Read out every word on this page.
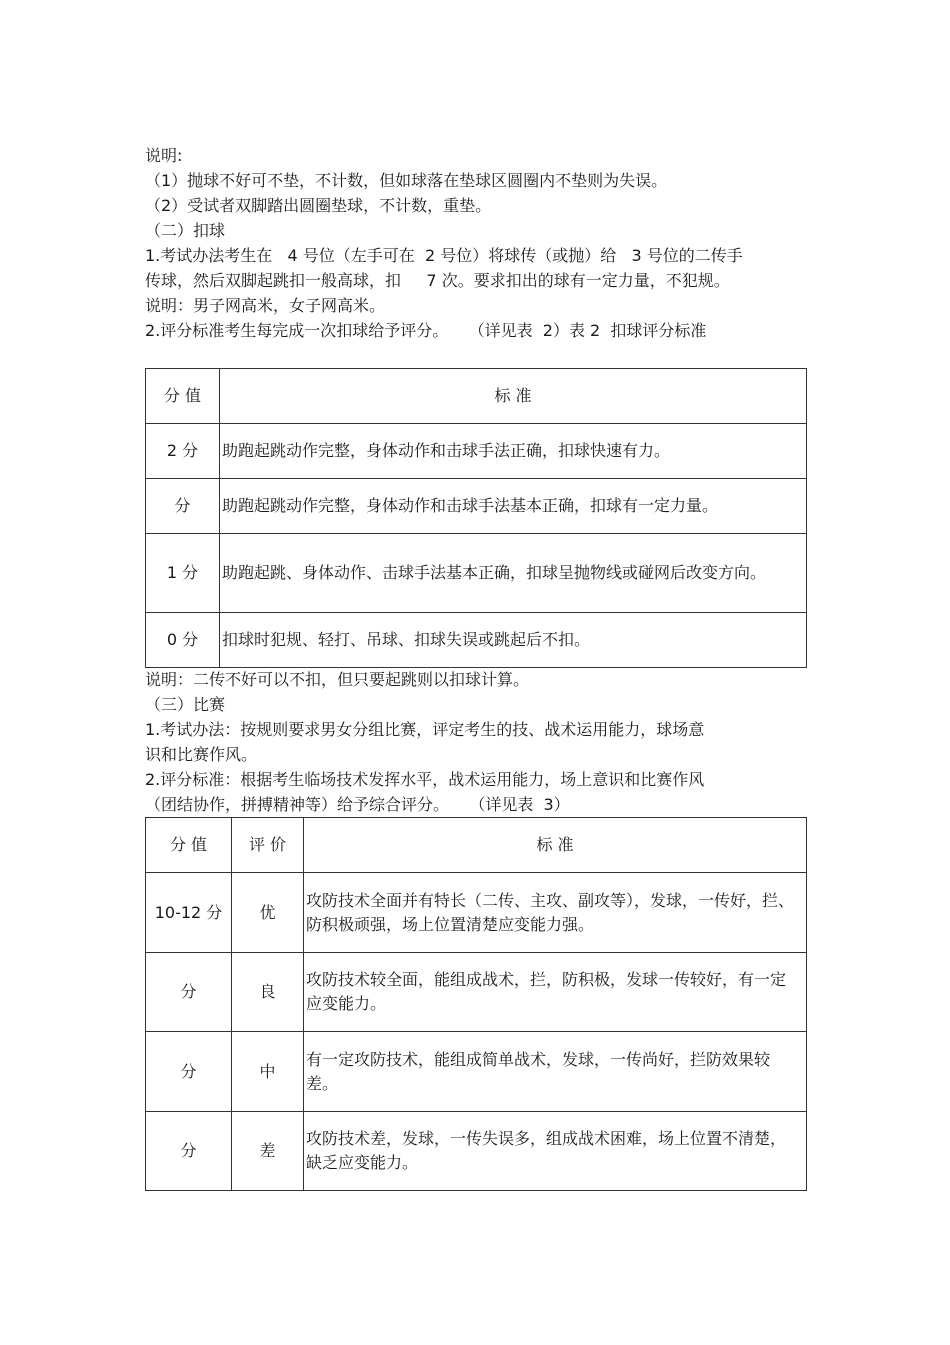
说明:
（1）抛球不好可不垫，不计数，但如球落在垫球区圆圈内不垫则为失误。
（2）受试者双脚踏出圆圈垫球，不计数，重垫。
（二）扣球
1.考试办法考生在   4 号位（左手可在  2 号位）将球传（或抛）给   3 号位的二传手
传球，然后双脚起跳扣一般高球，扣     7 次。要求扣出的球有一定力量，不犯规。
说明：男子网高米，女子网高米。
2.评分标准考生每完成一次扣球给予评分。    （详见表  2）表 2  扣球评分标准
分 值	标 准
2 分	助跑起跳动作完整，身体动作和击球手法正确，扣球快速有力。
分	助跑起跳动作完整，身体动作和击球手法基本正确，扣球有一定力量。
1 分	助跑起跳、身体动作、击球手法基本正确，扣球呈抛物线或碰网后改变方向。
0 分	扣球时犯规、轻打、吊球、扣球失误或跳起后不扣。
说明：二传不好可以不扣，但只要起跳则以扣球计算。
（三）比赛
1.考试办法：按规则要求男女分组比赛，评定考生的技、战术运用能力，球场意
识和比赛作风。
2.评分标准：根据考生临场技术发挥水平，战术运用能力，场上意识和比赛作风
（团结协作，拼搏精神等）给予综合评分。    （详见表  3）
分 值	评 价	标 准
10-12 分	优	攻防技术全面并有特长（二传、主攻、副攻等），发球，一传好，拦、防积极顽强，场上位置清楚应变能力强。
分	良	攻防技术较全面，能组成战术，拦，防积极，发球一传较好，有一定应变能力。
分	中	有一定攻防技术，能组成简单战术，发球，一传尚好，拦防效果较差。
分	差	攻防技术差，发球，一传失误多，组成战术困难，场上位置不清楚，缺乏应变能力。
